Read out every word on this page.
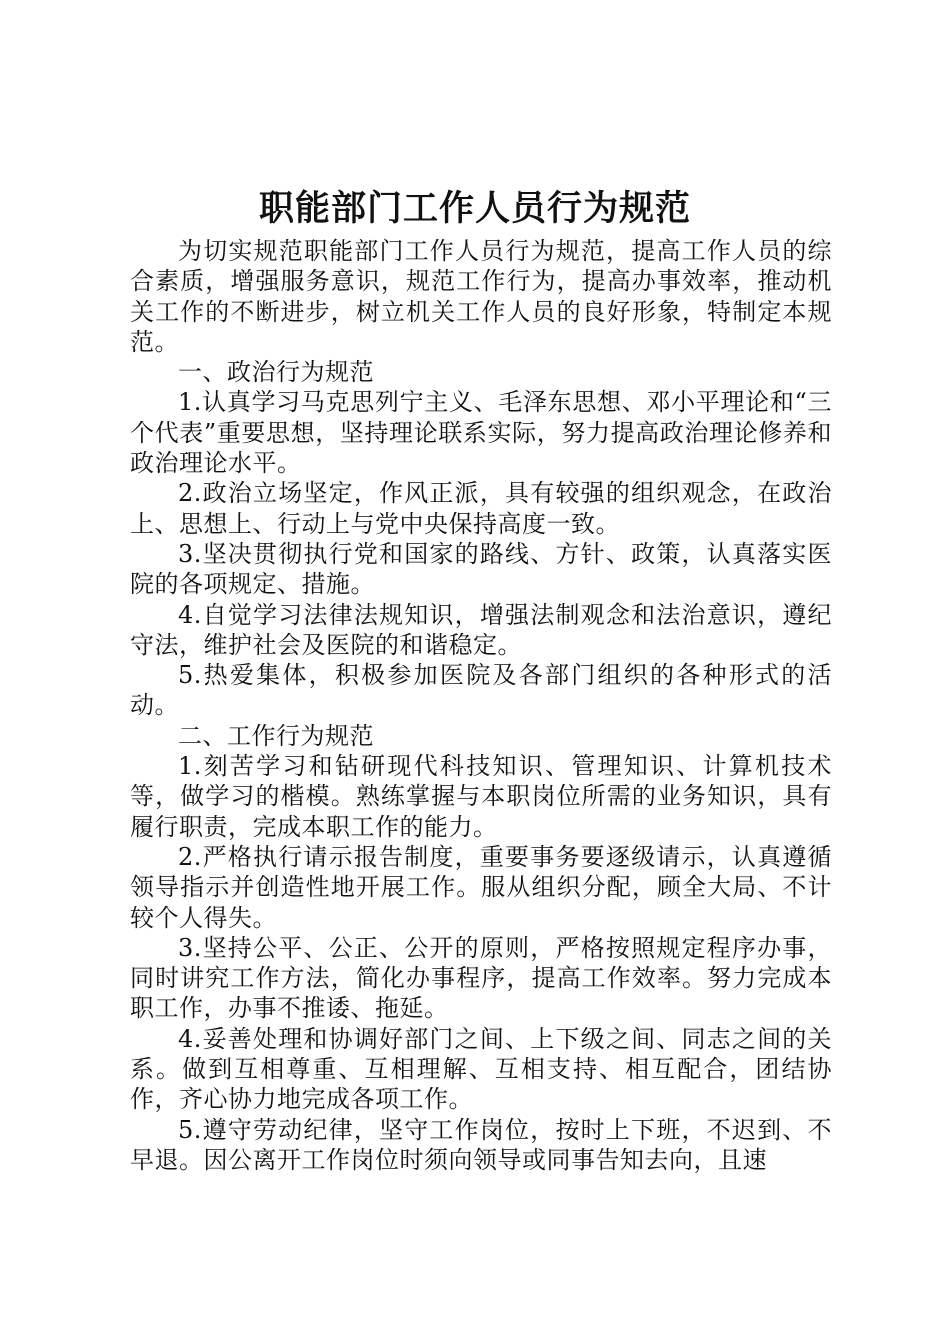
职能部门工作人员行为规范

为切实规范职能部门工作人员行为规范，提高工作人员的综合素质，增强服务意识，规范工作行为，提高办事效率，推动机关工作的不断进步，树立机关工作人员的良好形象，特制定本规范。

一、政治行为规范

1.认真学习马克思列宁主义、毛泽东思想、邓小平理论和“三个代表”重要思想，坚持理论联系实际，努力提高政治理论修养和政治理论水平。

2.政治立场坚定，作风正派，具有较强的组织观念，在政治上、思想上、行动上与党中央保持高度一致。

3.坚决贯彻执行党和国家的路线、方针、政策，认真落实医院的各项规定、措施。

4.自觉学习法律法规知识，增强法制观念和法治意识，遵纪守法，维护社会及医院的和谐稳定。

5.热爱集体，积极参加医院及各部门组织的各种形式的活动。

二、工作行为规范

1.刻苦学习和钻研现代科技知识、管理知识、计算机技术等，做学习的楷模。熟练掌握与本职岗位所需的业务知识，具有履行职责，完成本职工作的能力。

2.严格执行请示报告制度，重要事务要逐级请示，认真遵循领导指示并创造性地开展工作。服从组织分配，顾全大局、不计较个人得失。

3.坚持公平、公正、公开的原则，严格按照规定程序办事，同时讲究工作方法，简化办事程序，提高工作效率。努力完成本职工作，办事不推诿、拖延。

4.妥善处理和协调好部门之间、上下级之间、同志之间的关系。做到互相尊重、互相理解、互相支持、相互配合，团结协作，齐心协力地完成各项工作。

5.遵守劳动纪律，坚守工作岗位，按时上下班，不迟到、不早退。因公离开工作岗位时须向领导或同事告知去向，且速
